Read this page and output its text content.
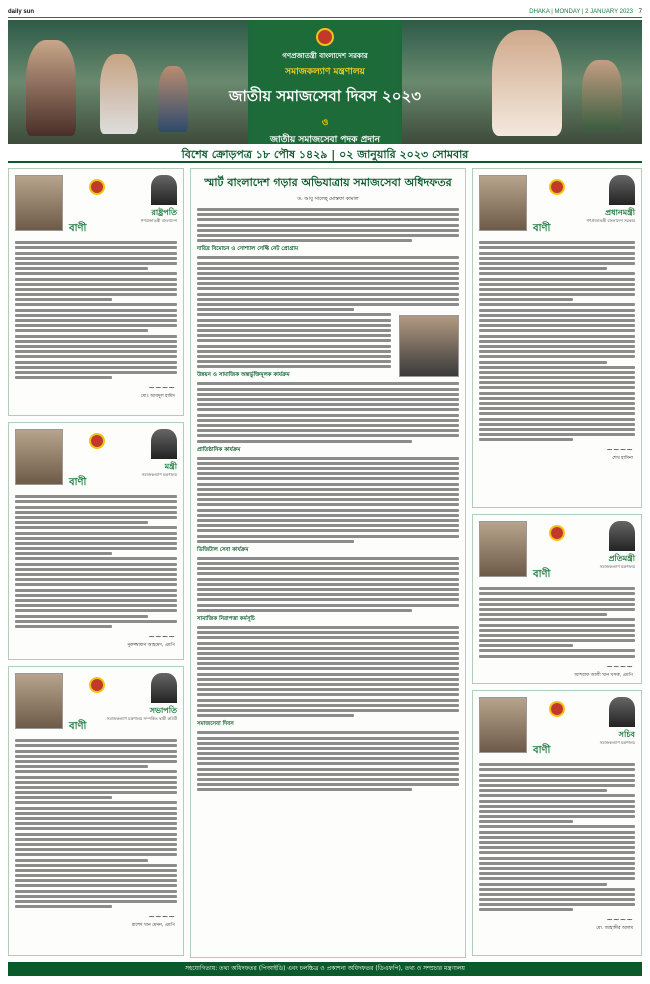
daily sun	DHAKA | MONDAY | 2 JANUARY 2023 7
গণপ্রজাতন্ত্রী বাংলাদেশ সরকার
সমাজকল্যাণ মন্ত্রণালয়
জাতীয় সমাজসেবা দিবস ২০২৩
ও
জাতীয় সমাজসেবা পদক প্রদান
বিশেষ ক্রোড়পত্র ১৮ পৌষ ১৪২৯ | ০২ জানুয়ারি ২০২৩ সোমবার
রাষ্ট্রপতি
গণপ্রজাতন্ত্রী বাংলাদেশ
বাণী
~~~~
মোঃ আবদুল হামিদ
মন্ত্রী
সমাজকল্যাণ মন্ত্রণালয়
বাণী
~~~~
নুরুজ্জামান আহমেদ, এমপি
সভাপতি
সমাজকল্যাণ মন্ত্রণালয় সম্পর্কিত স্থায়ী কমিটি
বাণী
~~~~
রাশেদ খান মেনন, এমপি
স্মার্ট বাংলাদেশ গড়ার অভিযাত্রায় সমাজসেবা অধিদফতর
ড. আবু সালেহ্ মোস্তফা কামাল
দারিদ্র বিমোচন ও সোশ্যাল সেফ্টি নেট প্রোগ্রাম
উন্নয়ন ও সামাজিক অন্তর্ভুক্তিমূলক কার্যক্রম
প্রাতিষ্ঠানিক কার্যক্রম
ডিজিটাল সেবা কার্যক্রম
সামাজিক নিরাপত্তা কর্মসূচি
সমাজসেবা দিবস
প্রধানমন্ত্রী
গণপ্রজাতন্ত্রী বাংলাদেশ সরকার
বাণী
~~~~
শেখ হাসিনা
প্রতিমন্ত্রী
সমাজকল্যাণ মন্ত্রণালয়
বাণী
~~~~
আশরাফ আলী খান খসরু, এমপি
সচিব
সমাজকল্যাণ মন্ত্রণালয়
বাণী
~~~~
মো. জাহাঙ্গীর আলম
সহযোগিতায়: তথ্য অধিদফতর (পিআইডি) এবং চলচ্চিত্র ও প্রকাশনা অধিদফতর (ডিএফপি), তথ্য ও সম্প্রচার মন্ত্রণালয়
